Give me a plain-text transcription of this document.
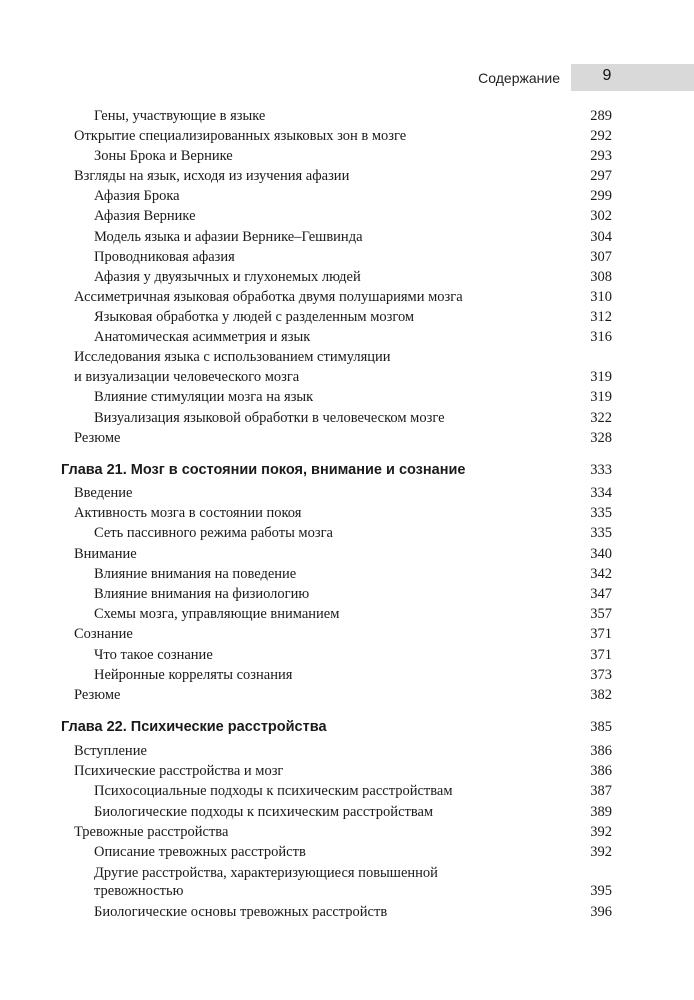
Содержание	9
Гены, участвующие в языке	289
Открытие специализированных языковых зон в мозге	292
Зоны Брока и Вернике	293
Взгляды на язык, исходя из изучения афазии	297
Афазия Брока	299
Афазия Вернике	302
Модель языка и афазии Вернике–Гешвинда	304
Проводниковая афазия	307
Афазия у двуязычных и глухонемых людей	308
Ассиметричная языковая обработка двумя полушариями мозга	310
Языковая обработка у людей с разделенным мозгом	312
Анатомическая асимметрия и язык	316
Исследования языка с использованием стимуляции
и визуализации человеческого мозга	319
Влияние стимуляции мозга на язык	319
Визуализация языковой обработки в человеческом мозге	322
Резюме	328
Глава 21. Мозг в состоянии покоя, внимание и сознание	333
Введение	334
Активность мозга в состоянии покоя	335
Сеть пассивного режима работы мозга	335
Внимание	340
Влияние внимания на поведение	342
Влияние внимания на физиологию	347
Схемы мозга, управляющие вниманием	357
Сознание	371
Что такое сознание	371
Нейронные корреляты сознания	373
Резюме	382
Глава 22. Психические расстройства	385
Вступление	386
Психические расстройства и мозг	386
Психосоциальные подходы к психическим расстройствам	387
Биологические подходы к психическим расстройствам	389
Тревожные расстройства	392
Описание тревожных расстройств	392
Другие расстройства, характеризующиеся повышенной
тревожностью	395
Биологические основы тревожных расстройств	396
